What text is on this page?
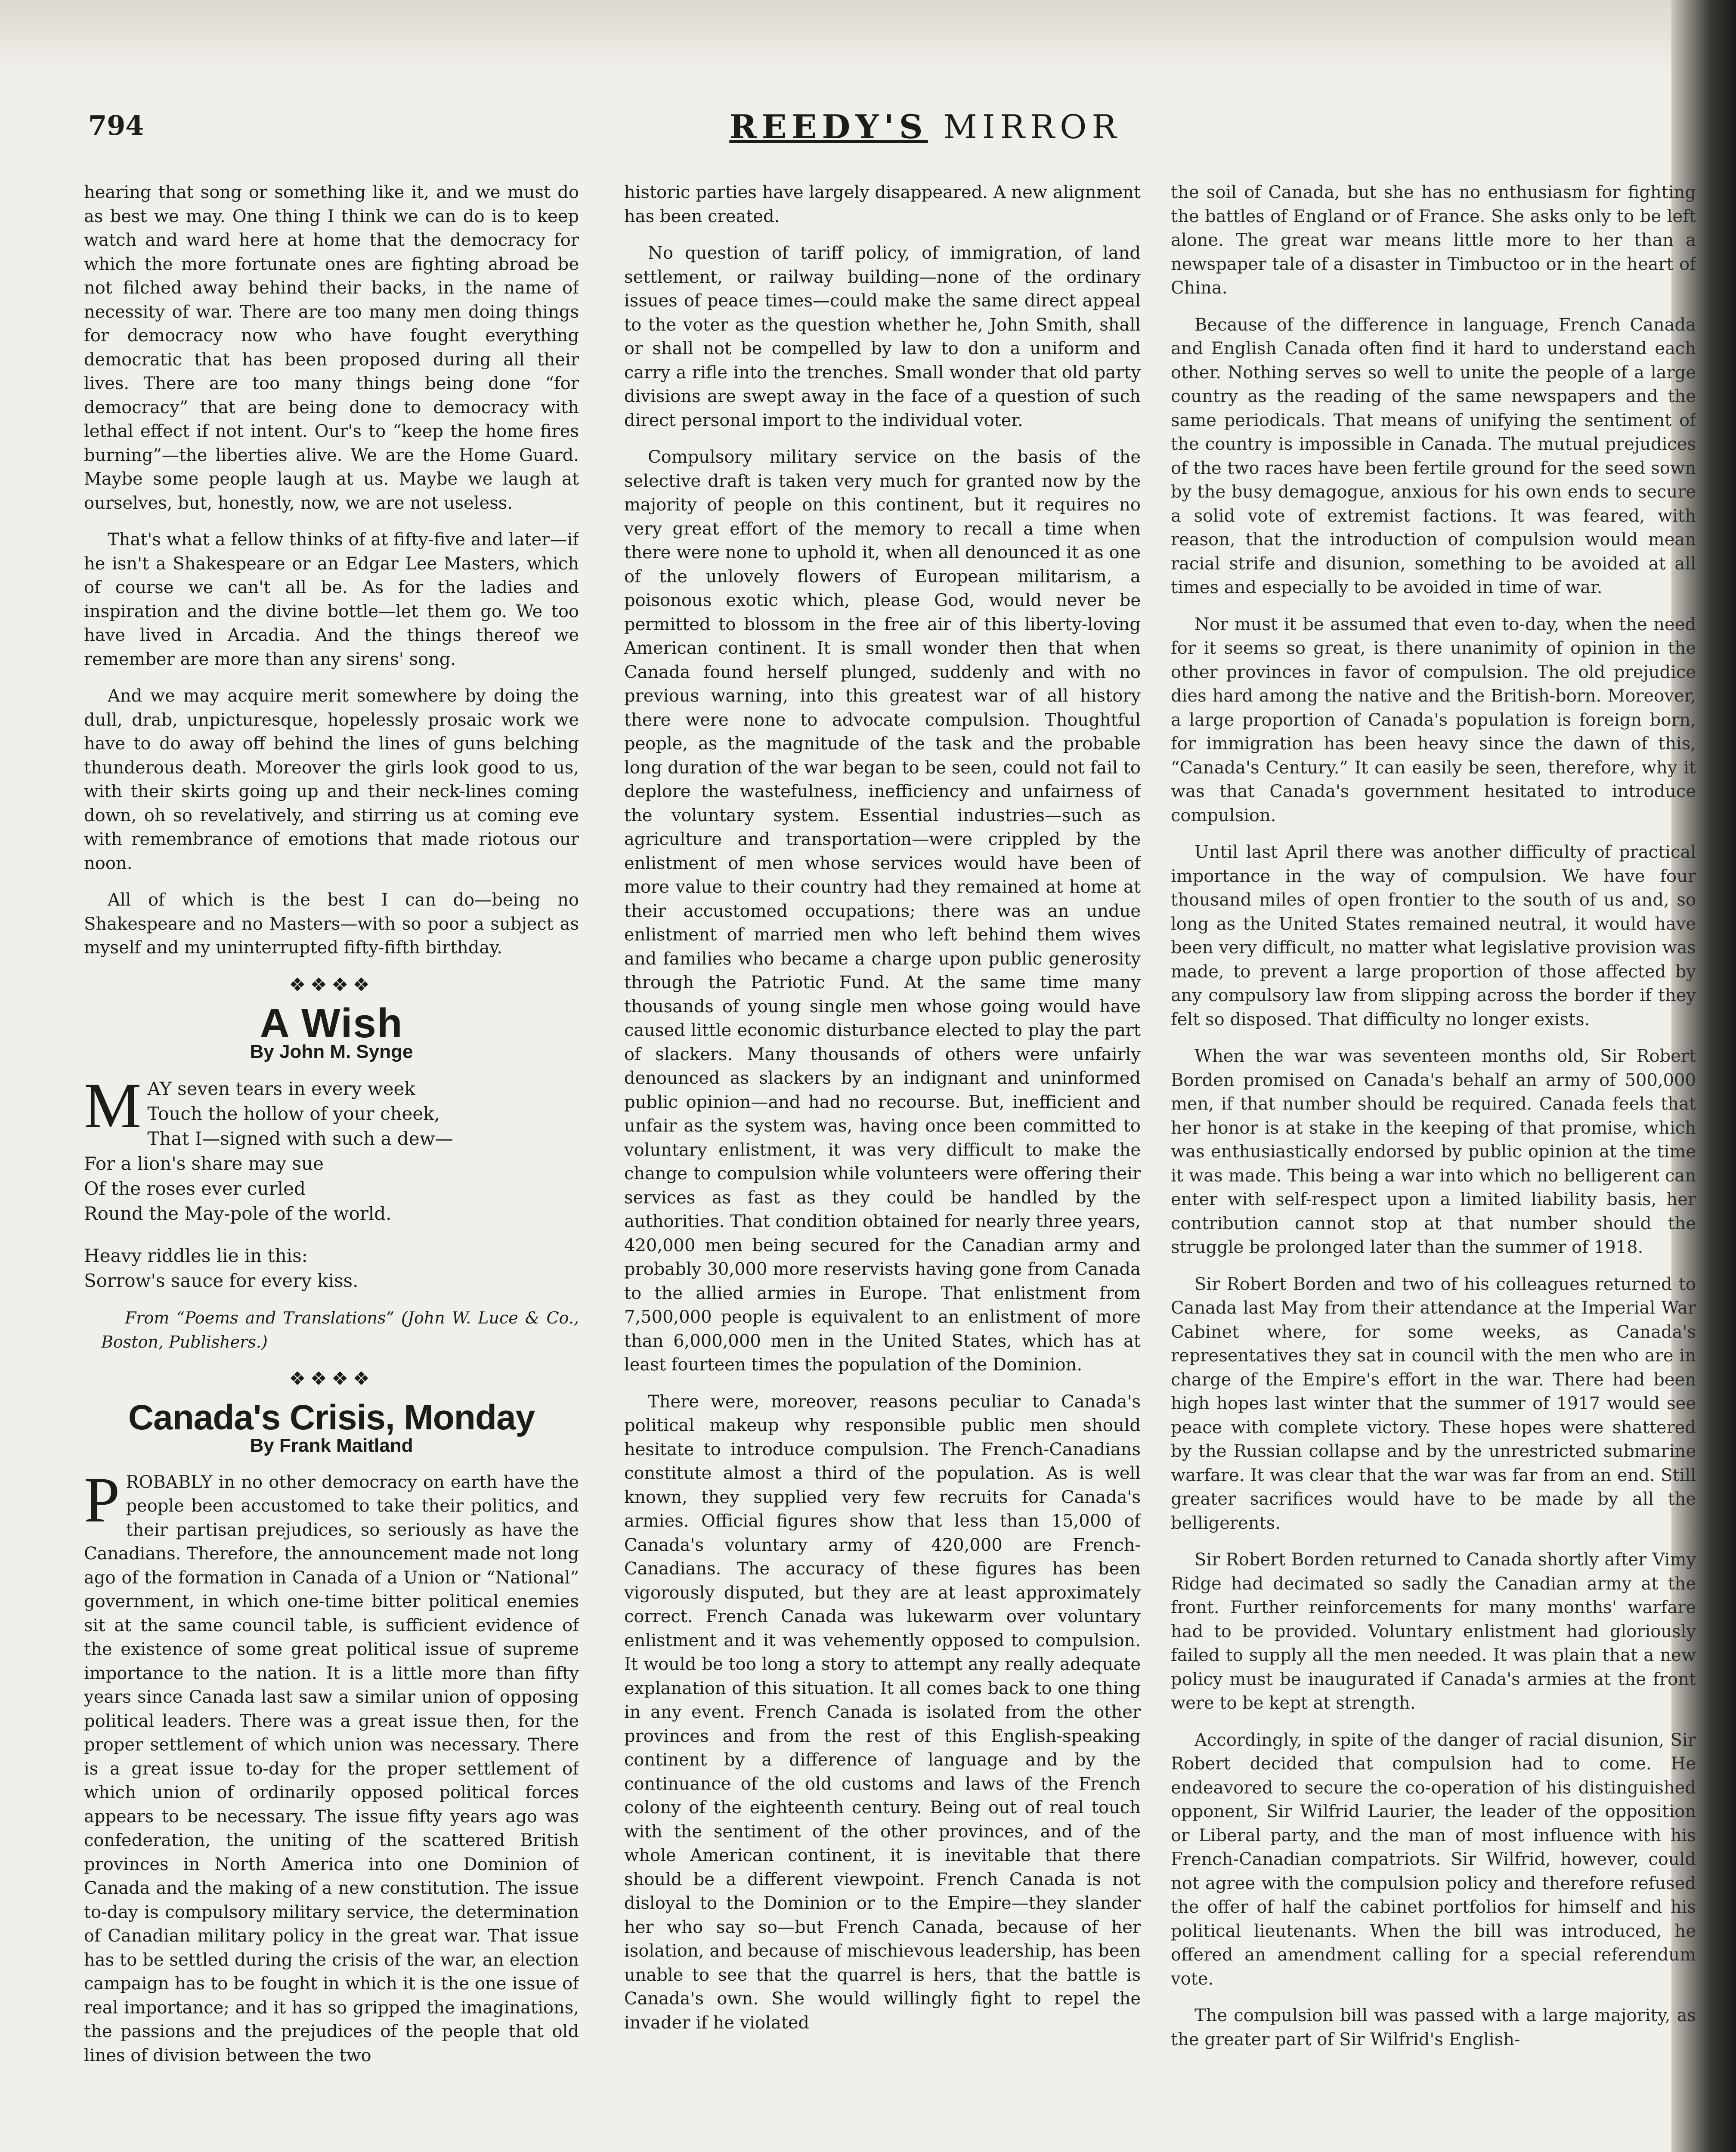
794	REEDY'S MIRROR

hearing that song or something like it, and we must do as best we may. One thing I think we can do is to keep watch and ward here at home that the democracy for which the more fortunate ones are fighting abroad be not filched away behind their backs, in the name of necessity of war. There are too many men doing things for democracy now who have fought everything democratic that has been proposed during all their lives. There are too many things being done “for democracy” that are being done to democracy with lethal effect if not intent. Our's to “keep the home fires burning”—the liberties alive. We are the Home Guard. Maybe some people laugh at us. Maybe we laugh at ourselves, but, honestly, now, we are not useless.

That's what a fellow thinks of at fifty-five and later—if he isn't a Shakespeare or an Edgar Lee Masters, which of course we can't all be. As for the ladies and inspiration and the divine bottle—let them go. We too have lived in Arcadia. And the things thereof we remember are more than any sirens' song.

And we may acquire merit somewhere by doing the dull, drab, unpicturesque, hopelessly prosaic work we have to do away off behind the lines of guns belching thunderous death. Moreover the girls look good to us, with their skirts going up and their neck-lines coming down, oh so revelatively, and stirring us at coming eve with remembrance of emotions that made riotous our noon.

All of which is the best I can do—being no Shakespeare and no Masters—with so poor a subject as myself and my uninterrupted fifty-fifth birthday.

❖❖❖❖
A Wish
By John M. Synge
M AY seven tears in every week
Touch the hollow of your cheek,
That I—signed with such a dew—
For a lion's share may sue
Of the roses ever curled
Round the May-pole of the world.
Heavy riddles lie in this:
Sorrow's sauce for every kiss.

From “Poems and Translations” (John W. Luce & Co., Boston, Publishers.)

❖❖❖❖
Canada's Crisis, Monday
By Frank Maitland

PROBABLY in no other democracy on earth have the people been accustomed to take their politics, and their partisan prejudices, so seriously as have the Canadians. Therefore, the announcement made not long ago of the formation in Canada of a Union or “National” government, in which one-time bitter political enemies sit at the same council table, is sufficient evidence of the existence of some great political issue of supreme importance to the nation. It is a little more than fifty years since Canada last saw a similar union of opposing political leaders. There was a great issue then, for the proper settlement of which union was necessary. There is a great issue to-day for the proper settlement of which union of ordinarily opposed political forces appears to be necessary. The issue fifty years ago was confederation, the uniting of the scattered British provinces in North America into one Dominion of Canada and the making of a new constitution. The issue to-day is compulsory military service, the determination of Canadian military policy in the great war. That issue has to be settled during the crisis of the war, an election campaign has to be fought in which it is the one issue of real importance; and it has so gripped the imaginations, the passions and the prejudices of the people that old lines of division between the two

historic parties have largely disappeared. A new alignment has been created.

No question of tariff policy, of immigration, of land settlement, or railway building—none of the ordinary issues of peace times—could make the same direct appeal to the voter as the question whether he, John Smith, shall or shall not be compelled by law to don a uniform and carry a rifle into the trenches. Small wonder that old party divisions are swept away in the face of a question of such direct personal import to the individual voter.

Compulsory military service on the basis of the selective draft is taken very much for granted now by the majority of people on this continent, but it requires no very great effort of the memory to recall a time when there were none to uphold it, when all denounced it as one of the unlovely flowers of European militarism, a poisonous exotic which, please God, would never be permitted to blossom in the free air of this liberty-loving American continent. It is small wonder then that when Canada found herself plunged, suddenly and with no previous warning, into this greatest war of all history there were none to advocate compulsion. Thoughtful people, as the magnitude of the task and the probable long duration of the war began to be seen, could not fail to deplore the wastefulness, inefficiency and unfairness of the voluntary system. Essential industries—such as agriculture and transportation—were crippled by the enlistment of men whose services would have been of more value to their country had they remained at home at their accustomed occupations; there was an undue enlistment of married men who left behind them wives and families who became a charge upon public generosity through the Patriotic Fund. At the same time many thousands of young single men whose going would have caused little economic disturbance elected to play the part of slackers. Many thousands of others were unfairly denounced as slackers by an indignant and uninformed public opinion—and had no recourse. But, inefficient and unfair as the system was, having once been committed to voluntary enlistment, it was very difficult to make the change to compulsion while volunteers were offering their services as fast as they could be handled by the authorities. That condition obtained for nearly three years, 420,000 men being secured for the Canadian army and probably 30,000 more reservists having gone from Canada to the allied armies in Europe. That enlistment from 7,500,000 people is equivalent to an enlistment of more than 6,000,000 men in the United States, which has at least fourteen times the population of the Dominion.

There were, moreover, reasons peculiar to Canada's political makeup why responsible public men should hesitate to introduce compulsion. The French-Canadians constitute almost a third of the population. As is well known, they supplied very few recruits for Canada's armies. Official figures show that less than 15,000 of Canada's voluntary army of 420,000 are French-Canadians. The accuracy of these figures has been vigorously disputed, but they are at least approximately correct. French Canada was lukewarm over voluntary enlistment and it was vehemently opposed to compulsion. It would be too long a story to attempt any really adequate explanation of this situation. It all comes back to one thing in any event. French Canada is isolated from the other provinces and from the rest of this English-speaking continent by a difference of language and by the continuance of the old customs and laws of the French colony of the eighteenth century. Being out of real touch with the sentiment of the other provinces, and of the whole American continent, it is inevitable that there should be a different viewpoint. French Canada is not disloyal to the Dominion or to the Empire—they slander her who say so—but French Canada, because of her isolation, and because of mischievous leadership, has been unable to see that the quarrel is hers, that the battle is Canada's own. She would willingly fight to repel the invader if he violated

the soil of Canada, but she has no enthusiasm for fighting the battles of England or of France. She asks only to be left alone. The great war means little more to her than a newspaper tale of a disaster in Timbuctoo or in the heart of China.

Because of the difference in language, French Canada and English Canada often find it hard to understand each other. Nothing serves so well to unite the people of a large country as the reading of the same newspapers and the same periodicals. That means of unifying the sentiment of the country is impossible in Canada. The mutual prejudices of the two races have been fertile ground for the seed sown by the busy demagogue, anxious for his own ends to secure a solid vote of extremist factions. It was feared, with reason, that the introduction of compulsion would mean racial strife and disunion, something to be avoided at all times and especially to be avoided in time of war.

Nor must it be assumed that even to-day, when the need for it seems so great, is there unanimity of opinion in the other provinces in favor of compulsion. The old prejudice dies hard among the native and the British-born. Moreover, a large proportion of Canada's population is foreign born, for immigration has been heavy since the dawn of this, “Canada's Century.” It can easily be seen, therefore, why it was that Canada's government hesitated to introduce compulsion.

Until last April there was another difficulty of practical importance in the way of compulsion. We have four thousand miles of open frontier to the south of us and, so long as the United States remained neutral, it would have been very difficult, no matter what legislative provision was made, to prevent a large proportion of those affected by any compulsory law from slipping across the border if they felt so disposed. That difficulty no longer exists.

When the war was seventeen months old, Sir Robert Borden promised on Canada's behalf an army of 500,000 men, if that number should be required. Canada feels that her honor is at stake in the keeping of that promise, which was enthusiastically endorsed by public opinion at the time it was made. This being a war into which no belligerent can enter with self-respect upon a limited liability basis, her contribution cannot stop at that number should the struggle be prolonged later than the summer of 1918.

Sir Robert Borden and two of his colleagues returned to Canada last May from their attendance at the Imperial War Cabinet where, for some weeks, as Canada's representatives they sat in council with the men who are in charge of the Empire's effort in the war. There had been high hopes last winter that the summer of 1917 would see peace with complete victory. These hopes were shattered by the Russian collapse and by the unrestricted submarine warfare. It was clear that the war was far from an end. Still greater sacrifices would have to be made by all the belligerents.

Sir Robert Borden returned to Canada shortly after Vimy Ridge had decimated so sadly the Canadian army at the front. Further reinforcements for many months' warfare had to be provided. Voluntary enlistment had gloriously failed to supply all the men needed. It was plain that a new policy must be inaugurated if Canada's armies at the front were to be kept at strength.

Accordingly, in spite of the danger of racial disunion, Sir Robert decided that compulsion had to come. He endeavored to secure the co-operation of his distinguished opponent, Sir Wilfrid Laurier, the leader of the opposition or Liberal party, and the man of most influence with his French-Canadian compatriots. Sir Wilfrid, however, could not agree with the compulsion policy and therefore refused the offer of half the cabinet portfolios for himself and his political lieutenants. When the bill was introduced, he offered an amendment calling for a special referendum vote.

The compulsion bill was passed with a large majority, as the greater part of Sir Wilfrid's English-
